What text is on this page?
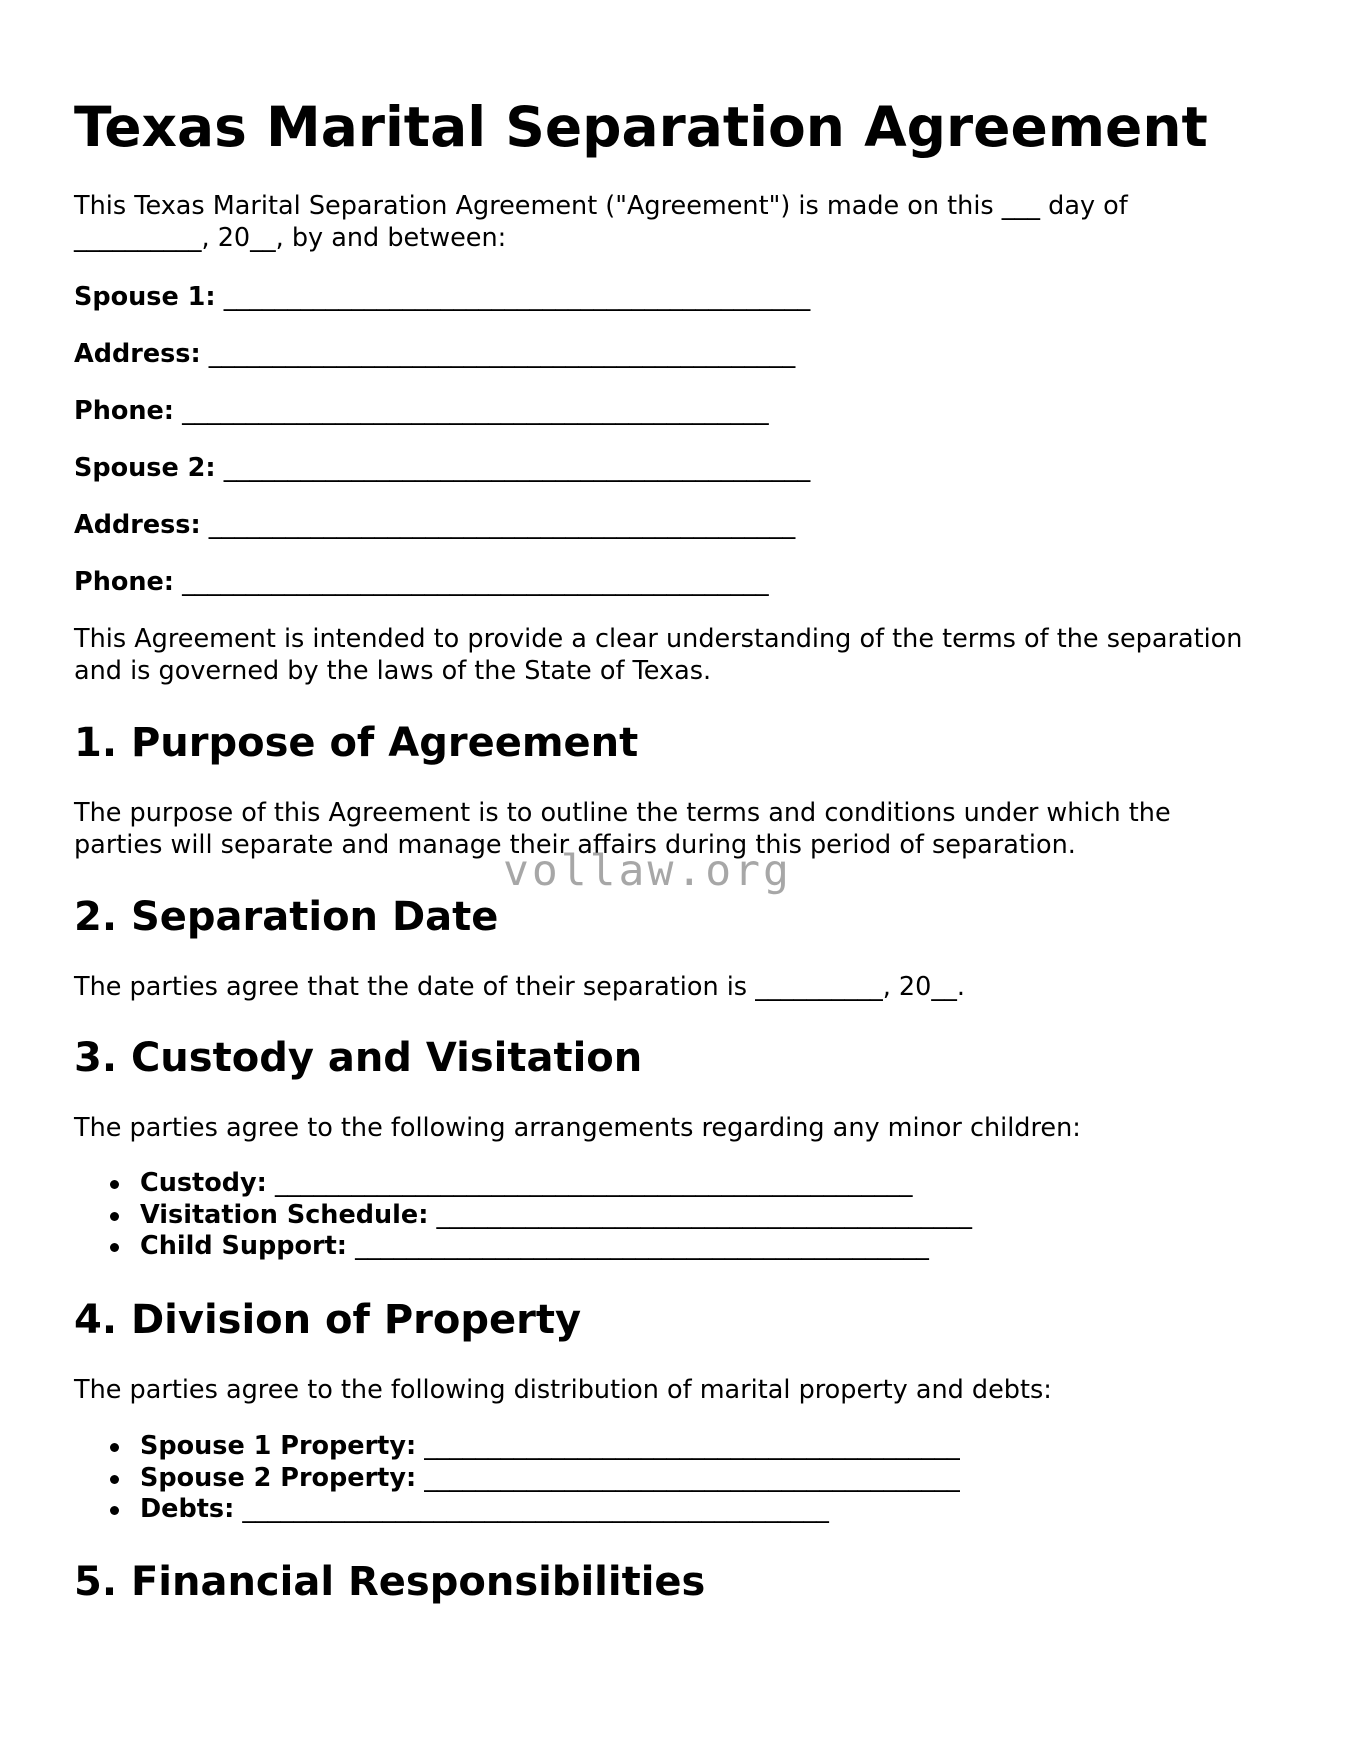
Texas Marital Separation Agreement

This Texas Marital Separation Agreement ("Agreement") is made on this ___ day of __________, 20__, by and between:

Spouse 1: ______________________________________________

Address: ______________________________________________

Phone: ______________________________________________

Spouse 2: ______________________________________________

Address: ______________________________________________

Phone: ______________________________________________

This Agreement is intended to provide a clear understanding of the terms of the separation and is governed by the laws of the State of Texas.

1. Purpose of Agreement

The purpose of this Agreement is to outline the terms and conditions under which the parties will separate and manage their affairs during this period of separation.

2. Separation Date

The parties agree that the date of their separation is __________, 20__.

3. Custody and Visitation

The parties agree to the following arrangements regarding any minor children:

Custody: __________________________________________________
Visitation Schedule: __________________________________________
Child Support: _____________________________________________
4. Division of Property

The parties agree to the following distribution of marital property and debts:

Spouse 1 Property: __________________________________________
Spouse 2 Property: __________________________________________
Debts: ______________________________________________
5. Financial Responsibilities
vollaw.org
